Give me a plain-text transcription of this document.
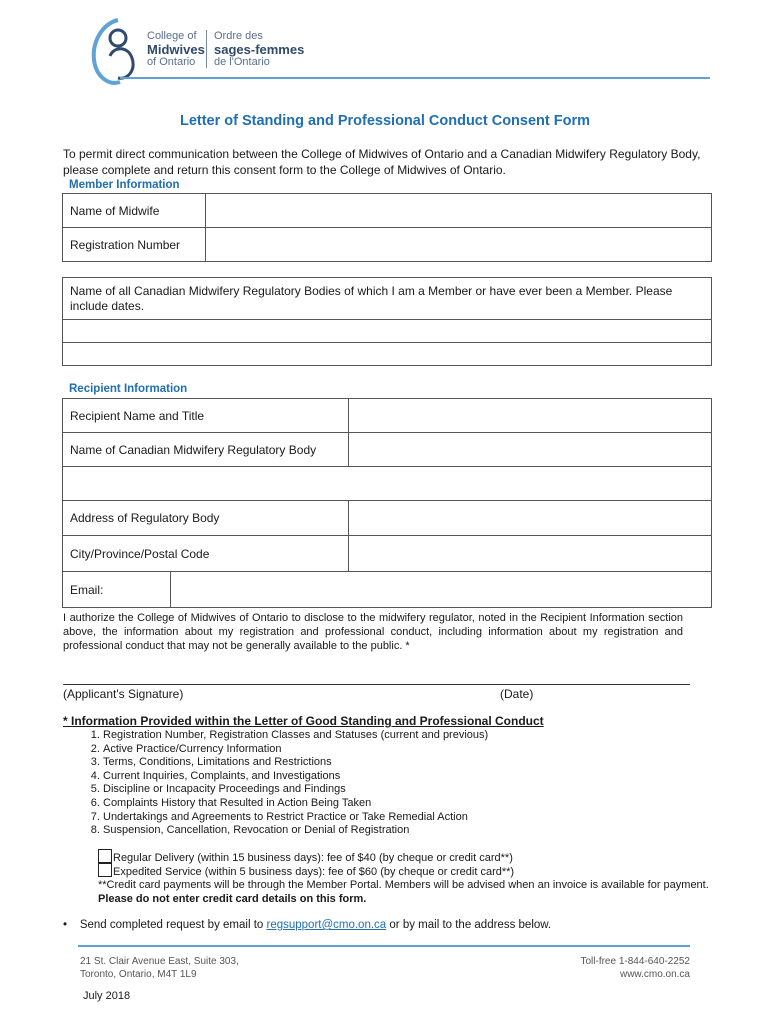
College of
Midwives
of Ontario
Ordre des
sages-femmes
de l'Ontario
Letter of Standing and Professional Conduct Consent Form
To permit direct communication between the College of Midwives of Ontario and a Canadian Midwifery Regulatory Body, please complete and return this consent form to the College of Midwives of Ontario.
Member Information
Name of Midwife	
Registration Number	
Name of all Canadian Midwifery Regulatory Bodies of which I am a Member or have ever been a Member. Please include dates.

Recipient Information
Recipient Name and Title	
Name of Canadian Midwifery Regulatory Body	

Address of Regulatory Body	
City/Province/Postal Code	
Email:	
I authorize the College of Midwives of Ontario to disclose to the midwifery regulator, noted in the Recipient Information section above, the information about my registration and professional conduct, including information about my registration and professional conduct that may not be generally available to the public. *
(Applicant's Signature)	(Date)
* Information Provided within the Letter of Good Standing and Professional Conduct
1. Registration Number, Registration Classes and Statuses (current and previous)
2. Active Practice/Currency Information
3. Terms, Conditions, Limitations and Restrictions
4. Current Inquiries, Complaints, and Investigations
5. Discipline or Incapacity Proceedings and Findings
6. Complaints History that Resulted in Action Being Taken
7. Undertakings and Agreements to Restrict Practice or Take Remedial Action
8. Suspension, Cancellation, Revocation or Denial of Registration
Regular Delivery (within 15 business days): fee of $40 (by cheque or credit card**)
Expedited Service (within 5 business days): fee of $60 (by cheque or credit card**)
**Credit card payments will be through the Member Portal. Members will be advised when an invoice is available for payment. Please do not enter credit card details on this form.
• Send completed request by email to regsupport@cmo.on.ca or by mail to the address below.
21 St. Clair Avenue East, Suite 303,
Toronto, Ontario, M4T 1L9
Toll-free 1-844-640-2252
www.cmo.on.ca
July 2018
